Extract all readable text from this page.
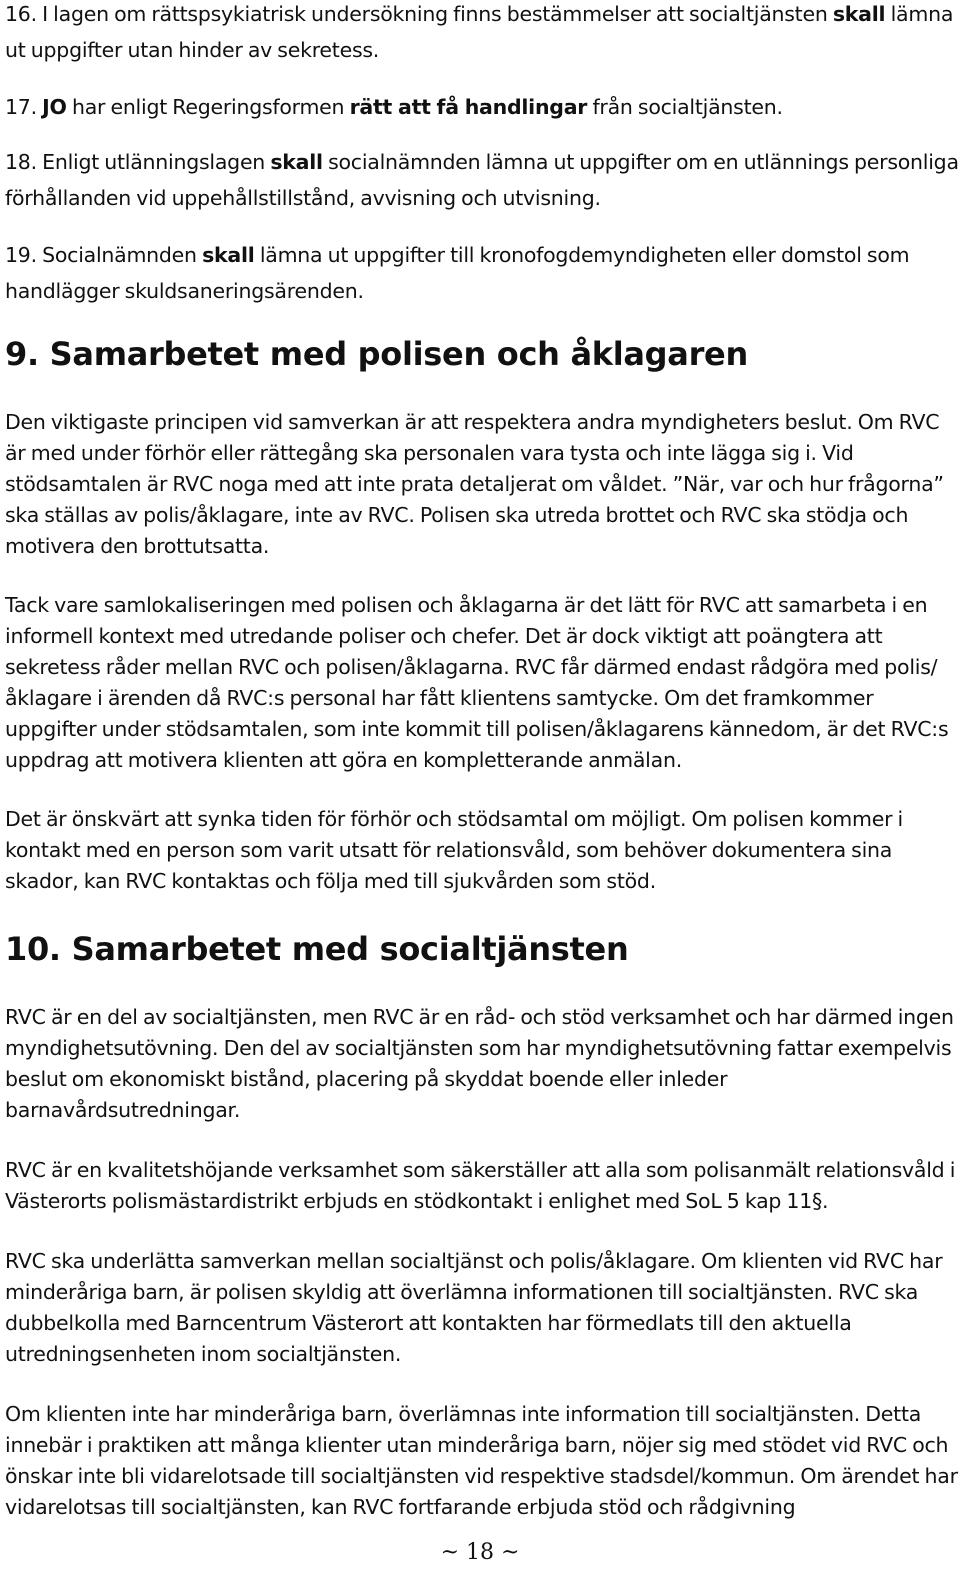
16. I lagen om rättspsykiatrisk undersökning finns bestämmelser att socialtjänsten skall lämna ut uppgifter utan hinder av sekretess.

17. JO har enligt Regeringsformen rätt att få handlingar från socialtjänsten.

18. Enligt utlänningslagen skall socialnämnden lämna ut uppgifter om en utlännings personliga förhållanden vid uppehållstillstånd, avvisning och utvisning.

19. Socialnämnden skall lämna ut uppgifter till kronofogdemyndigheten eller domstol som handlägger skuldsaneringsärenden.

9. Samarbetet med polisen och åklagaren

Den viktigaste principen vid samverkan är att respektera andra myndigheters beslut. Om RVC är med under förhör eller rättegång ska personalen vara tysta och inte lägga sig i. Vid stödsamtalen är RVC noga med att inte prata detaljerat om våldet. ”När, var och hur frågorna” ska ställas av polis/åklagare, inte av RVC. Polisen ska utreda brottet och RVC ska stödja och motivera den brottutsatta.

Tack vare samlokaliseringen med polisen och åklagarna är det lätt för RVC att samarbeta i en informell kontext med utredande poliser och chefer. Det är dock viktigt att poängtera att sekretess råder mellan RVC och polisen/åklagarna. RVC får därmed endast rådgöra med polis/åklagare i ärenden då RVC:s personal har fått klientens samtycke. Om det framkommer uppgifter under stödsamtalen, som inte kommit till polisen/åklagarens kännedom, är det RVC:s uppdrag att motivera klienten att göra en kompletterande anmälan.

Det är önskvärt att synka tiden för förhör och stödsamtal om möjligt. Om polisen kommer i kontakt med en person som varit utsatt för relationsvåld, som behöver dokumentera sina skador, kan RVC kontaktas och följa med till sjukvården som stöd.

10. Samarbetet med socialtjänsten

RVC är en del av socialtjänsten, men RVC är en råd- och stöd verksamhet och har därmed ingen myndighetsutövning. Den del av socialtjänsten som har myndighetsutövning fattar exempelvis beslut om ekonomiskt bistånd, placering på skyddat boende eller inleder barnavårdsutredningar.

RVC är en kvalitetshöjande verksamhet som säkerställer att alla som polisanmält relationsvåld i Västerorts polismästardistrikt erbjuds en stödkontakt i enlighet med SoL 5 kap 11§.

RVC ska underlätta samverkan mellan socialtjänst och polis/åklagare. Om klienten vid RVC har minderåriga barn, är polisen skyldig att överlämna informationen till socialtjänsten. RVC ska dubbelkolla med Barncentrum Västerort att kontakten har förmedlats till den aktuella utredningsenheten inom socialtjänsten.

Om klienten inte har minderåriga barn, överlämnas inte information till socialtjänsten. Detta innebär i praktiken att många klienter utan minderåriga barn, nöjer sig med stödet vid RVC och önskar inte bli vidarelotsade till socialtjänsten vid respektive stadsdel/kommun. Om ärendet har vidarelotsas till socialtjänsten, kan RVC fortfarande erbjuda stöd och rådgivning

~ 18 ~
